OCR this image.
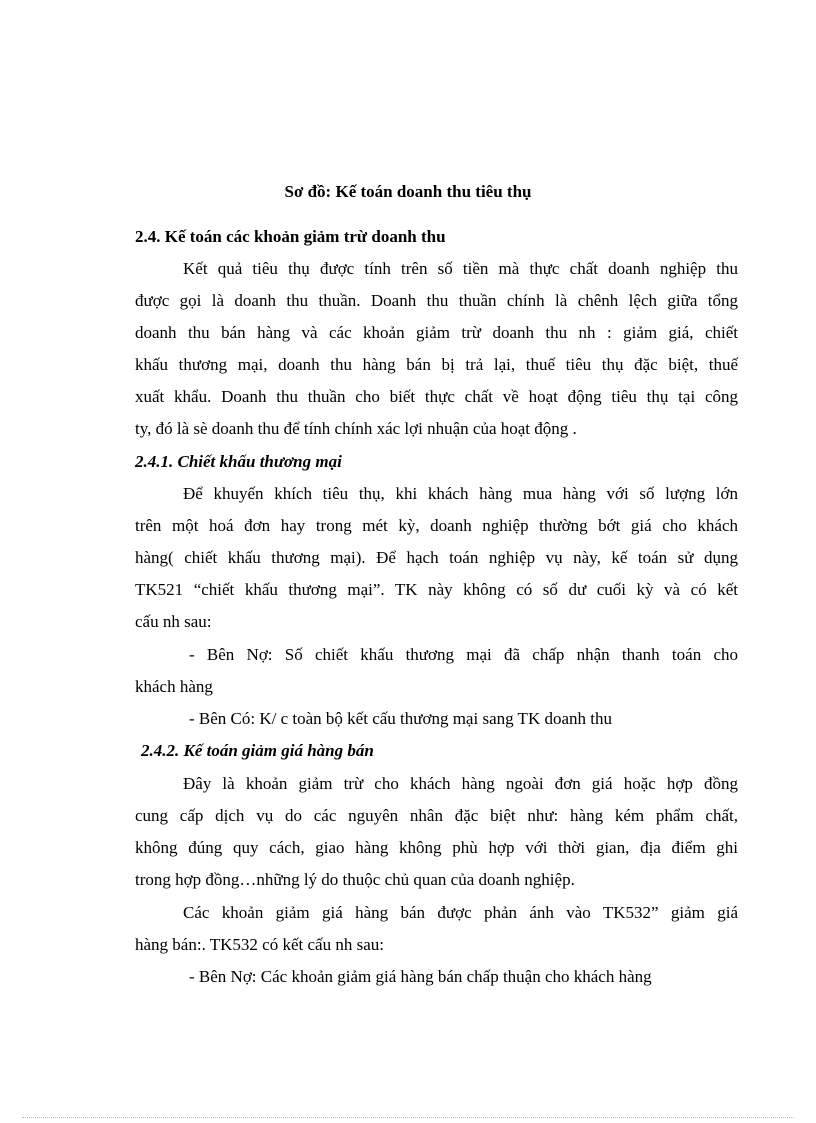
Sơ đồ: Kế toán doanh thu tiêu thụ

2.4. Kế toán các khoản giảm trừ doanh thu

Kết quả tiêu thụ được tính trên số tiền mà thực chất doanh nghiệp thu

được gọi là doanh thu thuần. Doanh thu thuần chính là chênh lệch giữa tổng

doanh thu bán hàng và các khoản giảm trừ doanh thu nh : giảm giá, chiết

khấu thương mại, doanh thu hàng bán bị trả lại, thuế tiêu thụ đặc biệt, thuế

xuất khẩu. Doanh thu thuần cho biết thực chất về hoạt động tiêu thụ tại công

ty, đó là sè doanh thu để tính chính xác lợi nhuận của hoạt động .

2.4.1. Chiết khấu thương mại

Để khuyến khích tiêu thụ, khi khách hàng mua hàng với số lượng lớn

trên một hoá đơn hay trong mét kỳ, doanh nghiệp thường bớt giá cho khách

hàng( chiết khấu thương mại). Để hạch toán nghiệp vụ này, kế toán sử dụng

TK521 “chiết khấu thương mại”. TK này không có số dư cuối kỳ và có kết

cấu nh sau:

- Bên Nợ: Số chiết khấu thương mại đã chấp nhận thanh toán cho

khách hàng

- Bên Có: K/ c toàn bộ kết cấu thương mại sang TK doanh thu

2.4.2. Kế toán giảm giá hàng bán

Đây là khoản giảm trừ cho khách hàng ngoài đơn giá hoặc hợp đồng

cung cấp dịch vụ do các nguyên nhân đặc biệt như: hàng kém phẩm chất,

không đúng quy cách, giao hàng không phù hợp với thời gian, địa điểm ghi

trong hợp đồng…những lý do thuộc chủ quan của doanh nghiệp.

Các khoản giảm giá hàng bán được phản ánh vào TK532” giảm giá

hàng bán:. TK532 có kết cấu nh sau:

- Bên Nợ: Các khoản giảm giá hàng bán chấp thuận cho khách hàng
